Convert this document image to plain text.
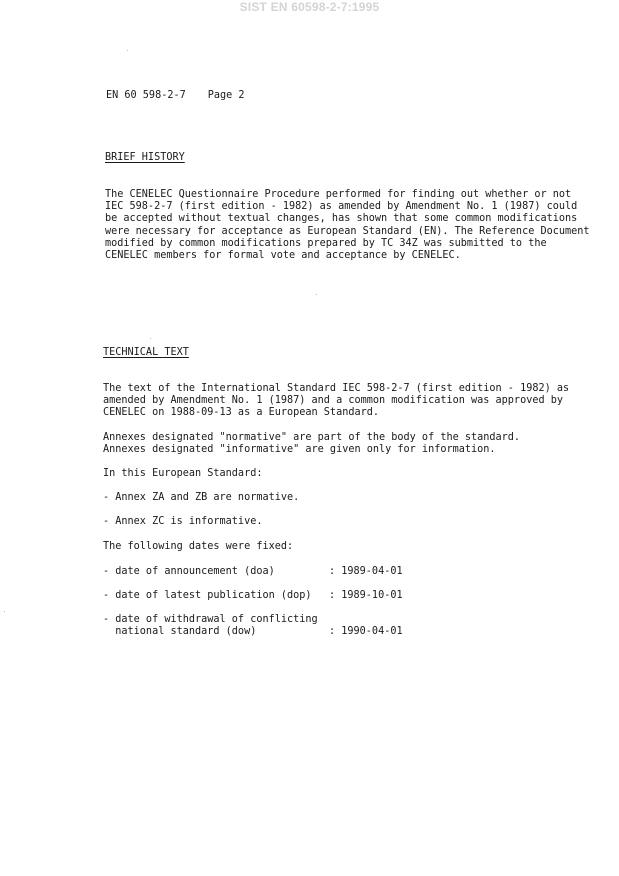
SIST EN 60598-2-7:1995
EN 60 598-2-7 Page 2
BRIEF HISTORY
The CENELEC Questionnaire Procedure performed for finding out whether or not
IEC 598-2-7 (first edition - 1982) as amended by Amendment No. 1 (1987) could
be accepted without textual changes, has shown that some common modifications
were necessary for acceptance as European Standard (EN). The Reference Document
modified by common modifications prepared by TC 34Z was submitted to the
CENELEC members for formal vote and acceptance by CENELEC.
TECHNICAL TEXT
The text of the International Standard IEC 598-2-7 (first edition - 1982) as
amended by Amendment No. 1 (1987) and a common modification was approved by
CENELEC on 1988-09-13 as a European Standard.
Annexes designated "normative" are part of the body of the standard.
Annexes designated "informative" are given only for information.
In this European Standard:
- Annex ZA and ZB are normative.
- Annex ZC is informative.
The following dates were fixed:
- date of announcement (doa)	: 1989-04-01
- date of latest publication (dop) : 1989-10-01
- date of withdrawal of conflicting
national standard (dow)	
: 1990-04-01
